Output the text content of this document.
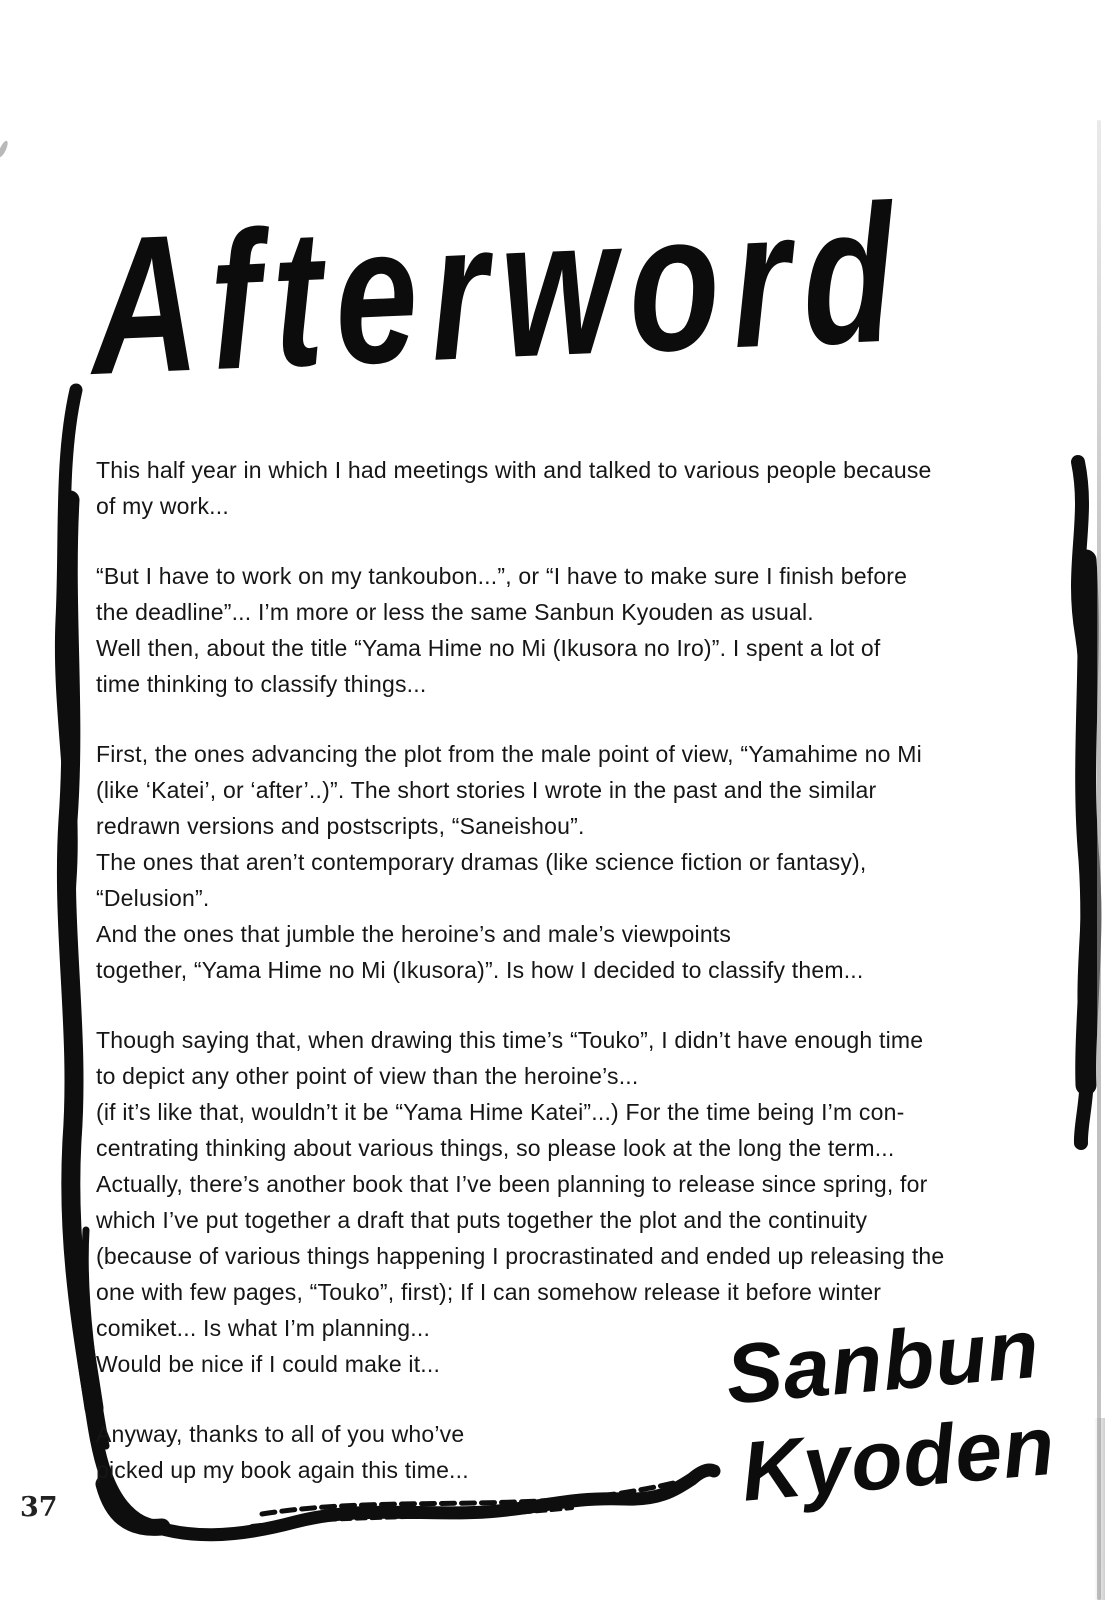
Afterword
This half year in which I had meetings with and talked to various people because
of my work...
“But I have to work on my tankoubon...”, or “I have to make sure I finish before
the deadline”... I’m more or less the same Sanbun Kyouden as usual.
Well then, about the title “Yama Hime no Mi (Ikusora no Iro)”. I spent a lot of
time thinking to classify things...
First, the ones advancing the plot from the male point of view, “Yamahime no Mi
(like ‘Katei’, or ‘after’..)”. The short stories I wrote in the past and the similar
redrawn versions and postscripts, “Saneishou”.
The ones that aren’t contemporary dramas (like science fiction or fantasy),
“Delusion”.
And the ones that jumble the heroine’s and male’s viewpoints
together, “Yama Hime no Mi (Ikusora)”. Is how I decided to classify them...
Though saying that, when drawing this time’s “Touko”, I didn’t have enough time
to depict any other point of view than the heroine’s...
(if it’s like that, wouldn’t it be “Yama Hime Katei”...) For the time being I’m con-
centrating thinking about various things, so please look at the long the term...
Actually, there’s another book that I’ve been planning to release since spring, for
which I’ve put together a draft that puts together the plot and the continuity
(because of various things happening I procrastinated and ended up releasing the
one with few pages, “Touko”, first); If I can somehow release it before winter
comiket... Is what I’m planning...
Would be nice if I could make it...
Anyway, thanks to all of you who’ve
picked up my book again this time...
Sanbun
Kyoden
37
